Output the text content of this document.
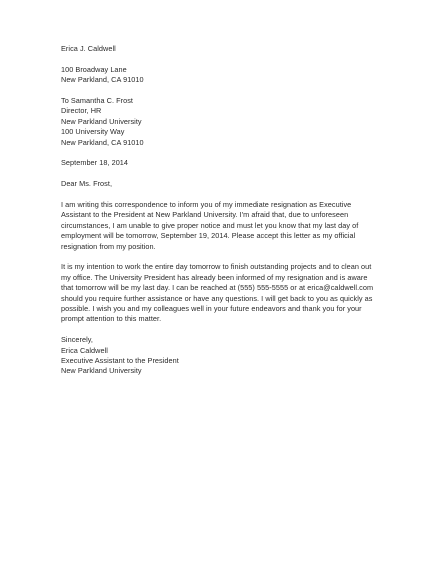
Erica J. Caldwell
100 Broadway Lane
New Parkland, CA 91010
To Samantha C. Frost
Director, HR
New Parkland University
100 University Way
New Parkland, CA 91010
September 18, 2014
Dear Ms. Frost,
I am writing this correspondence to inform you of my immediate resignation as Executive
Assistant to the President at New Parkland University. I'm afraid that, due to unforeseen
circumstances, I am unable to give proper notice and must let you know that my last day of
employment will be tomorrow, September 19, 2014. Please accept this letter as my official
resignation from my position.
It is my intention to work the entire day tomorrow to finish outstanding projects and to clean out
my office. The University President has already been informed of my resignation and is aware
that tomorrow will be my last day. I can be reached at (555) 555-5555 or at erica@caldwell.com
should you require further assistance or have any questions. I will get back to you as quickly as
possible. I wish you and my colleagues well in your future endeavors and thank you for your
prompt attention to this matter.
Sincerely,
Erica Caldwell
Executive Assistant to the President
New Parkland University
